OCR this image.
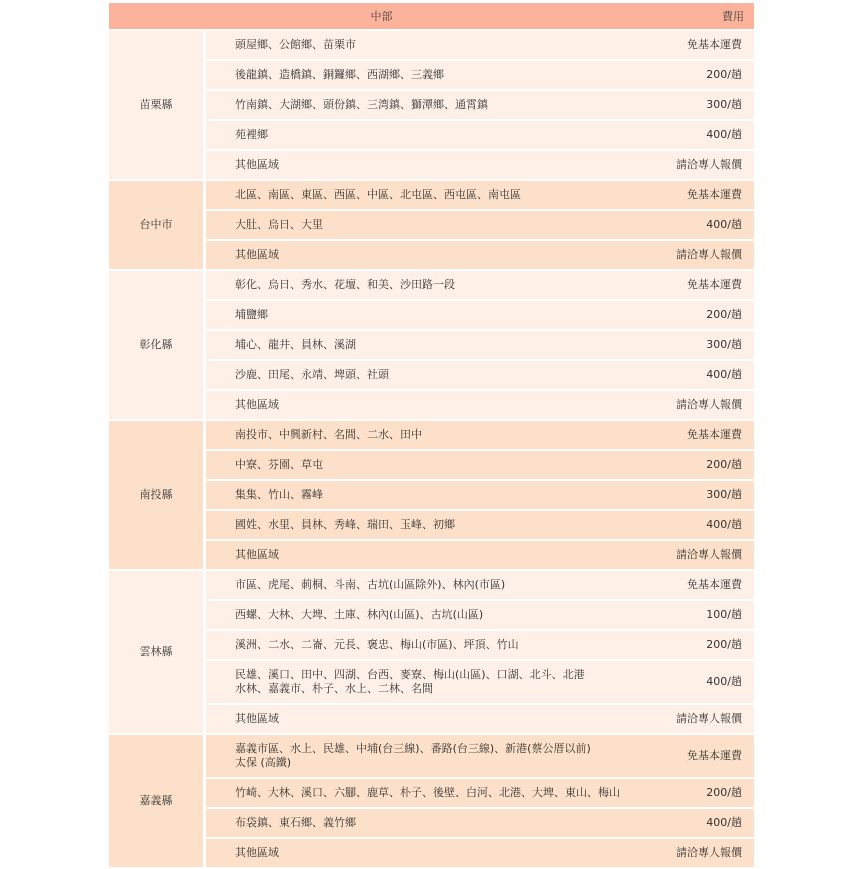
中部		費用
苗栗縣	頭屋鄉、公館鄉、苗栗市	免基本運費

	後龍鎮、造橋鎮、銅鑼鄉、西湖鄉、三義鄉	200/趟

	竹南鎮、大湖鄉、頭份鎮、三湾鎮、獅潭鄉、通霄鎮	300/趟

	苑裡鄉	400/趟

	其他區域	請洽專人報價
台中市	北區、南區、東區、西區、中區、北屯區、西屯區、南屯區	免基本運費

	大肚、烏日、大里	400/趟

	其他區域	請洽專人報價
彰化縣	彰化、烏日、秀水、花壇、和美、沙田路一段	免基本運費

	埔鹽鄉	200/趟

	埔心、龍井、員林、溪湖	300/趟

	沙鹿、田尾、永靖、埤頭、社頭	400/趟

	其他區域	請洽專人報價
南投縣	南投市、中興新村、名間、二水、田中	免基本運費

	中寮、芬園、草屯	200/趟

	集集、竹山、霧峰	300/趟

	國姓、水里、員林、秀峰、瑞田、玉峰、初鄉	400/趟

	其他區域	請洽專人報價
雲林縣	市區、虎尾、莿桐、斗南、古坑(山區除外)、林內(市區)	免基本運費

	西螺、大林、大埤、土庫、林內(山區)、古坑(山區)	100/趟

	溪洲、二水、二崙、元長、褒忠、梅山(市區)、坪頂、竹山	200/趟

	民雄、溪口、田中、四湖、台西、麥寮、梅山(山區)、口湖、北斗、北港
水林、嘉義市、朴子、水上、二林、名間	400/趟

	其他區域	請洽專人報價
嘉義縣	嘉義市區、水上、民雄、中埔(台三線)、番路(台三線)、新港(蔡公厝以前)
太保 (高鐵)	免基本運費

	竹崎、大林、溪口、六腳、鹿草、朴子、後壁、白河、北港、大埤、東山、梅山	200/趟

	布袋鎮、東石鄉、義竹鄉	400/趟

	其他區域	請洽專人報價
